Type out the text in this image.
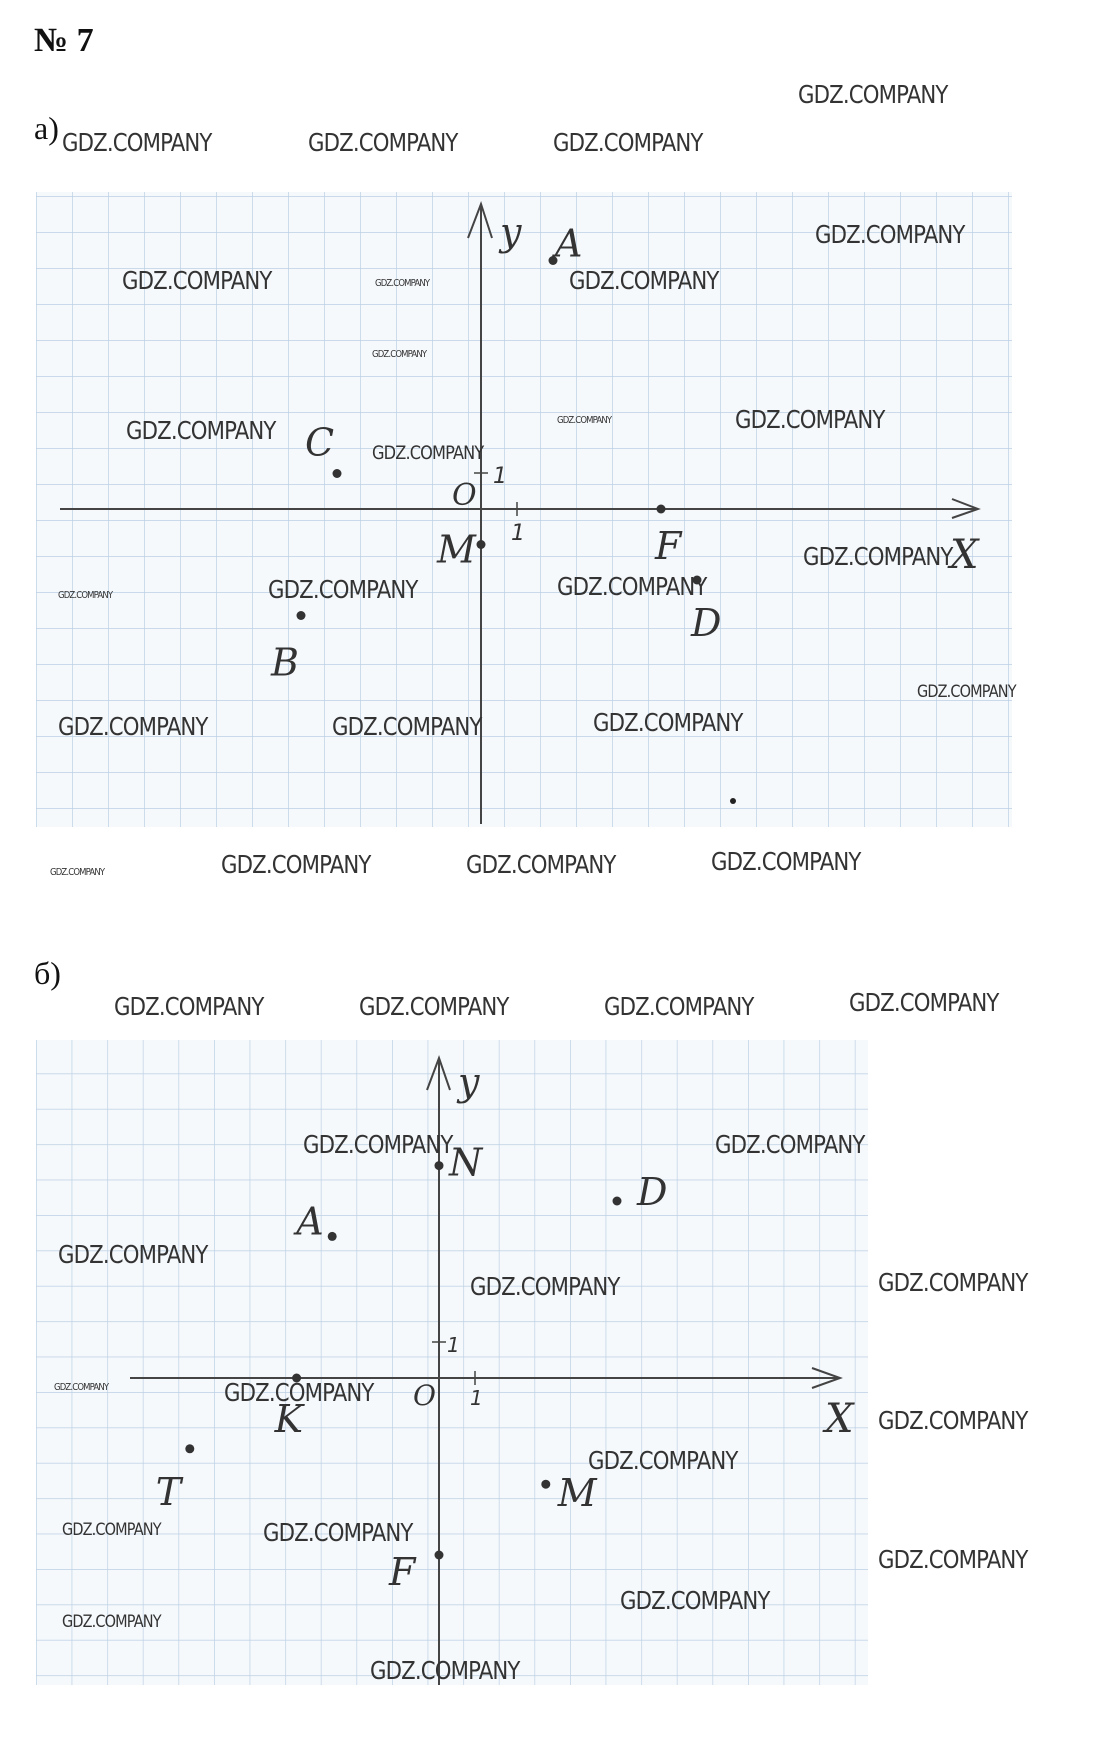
№ 7
а)
б)
y
X
O
1
1
y
X
O
1
1
A
C
M	F
D
B
N
D
A
K
T	M
F
GDZ.COMPANY
GDZ.COMPANY	GDZ.COMPANY	GDZ.COMPANY
GDZ.COMPANY
GDZ.COMPANY	GDZ.COMPANY
GDZ.COMPANY
GDZ.COMPANY
GDZ.COMPANY
GDZ.COMPANY	GDZ.COMPANY
GDZ.COMPANY
GDZ.COMPANY
GDZ.COMPANY	GDZ.COMPANY	GDZ.COMPANY
GDZ.COMPANY
GDZ.COMPANY	GDZ.COMPANY	GDZ.COMPANY
GDZ.COMPANY	GDZ.COMPANY	GDZ.COMPANY	GDZ.COMPANY
GDZ.COMPANY	GDZ.COMPANY	GDZ.COMPANY	GDZ.COMPANY
GDZ.COMPANY	GDZ.COMPANY
GDZ.COMPANY
GDZ.COMPANY	GDZ.COMPANY
GDZ.COMPANY	GDZ.COMPANY
GDZ.COMPANY
GDZ.COMPANY
GDZ.COMPANY	GDZ.COMPANY
GDZ.COMPANY
GDZ.COMPANY
GDZ.COMPANY
GDZ.COMPANY
